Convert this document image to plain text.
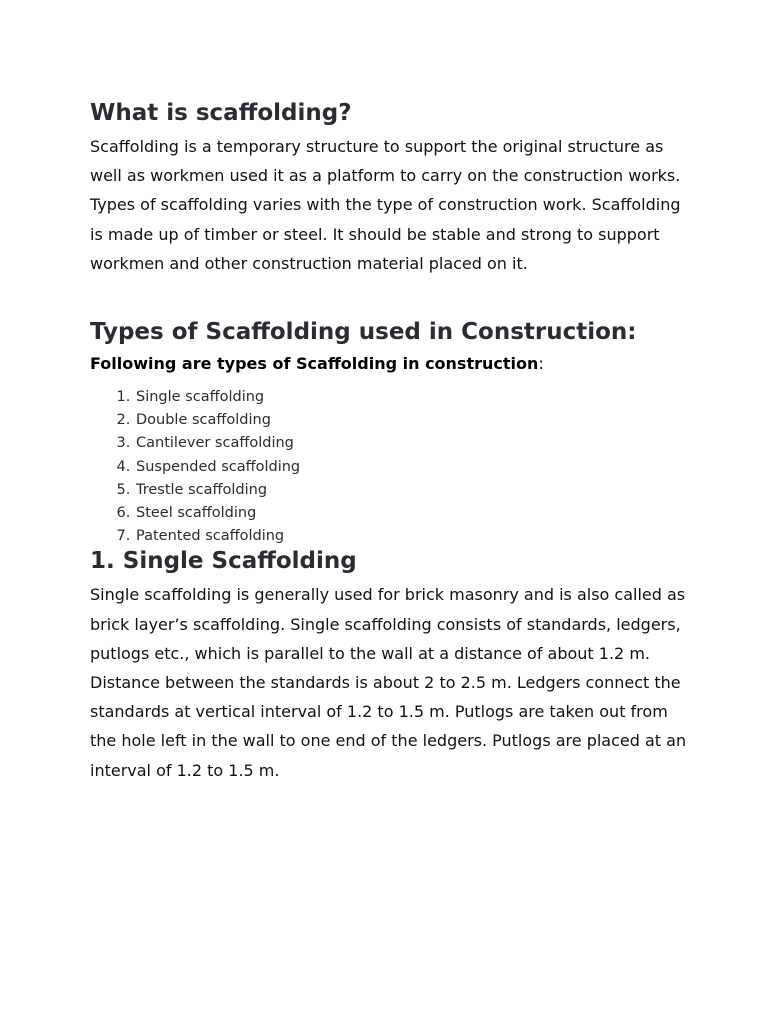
What is scaffolding?

Scaffolding is a temporary structure to support the original structure as well as workmen used it as a platform to carry on the construction works. Types of scaffolding varies with the type of construction work. Scaffolding is made up of timber or steel. It should be stable and strong to support workmen and other construction material placed on it.

Types of Scaffolding used in Construction:

Following are types of Scaffolding in construction:

1. Single scaffolding
2. Double scaffolding
3. Cantilever scaffolding
4. Suspended scaffolding
5. Trestle scaffolding
6. Steel scaffolding
7. Patented scaffolding
1. Single Scaffolding

Single scaffolding is generally used for brick masonry and is also called as brick layer’s scaffolding. Single scaffolding consists of standards, ledgers, putlogs etc., which is parallel to the wall at a distance of about 1.2 m. Distance between the standards is about 2 to 2.5 m. Ledgers connect the standards at vertical interval of 1.2 to 1.5 m. Putlogs are taken out from the hole left in the wall to one end of the ledgers. Putlogs are placed at an interval of 1.2 to 1.5 m.
